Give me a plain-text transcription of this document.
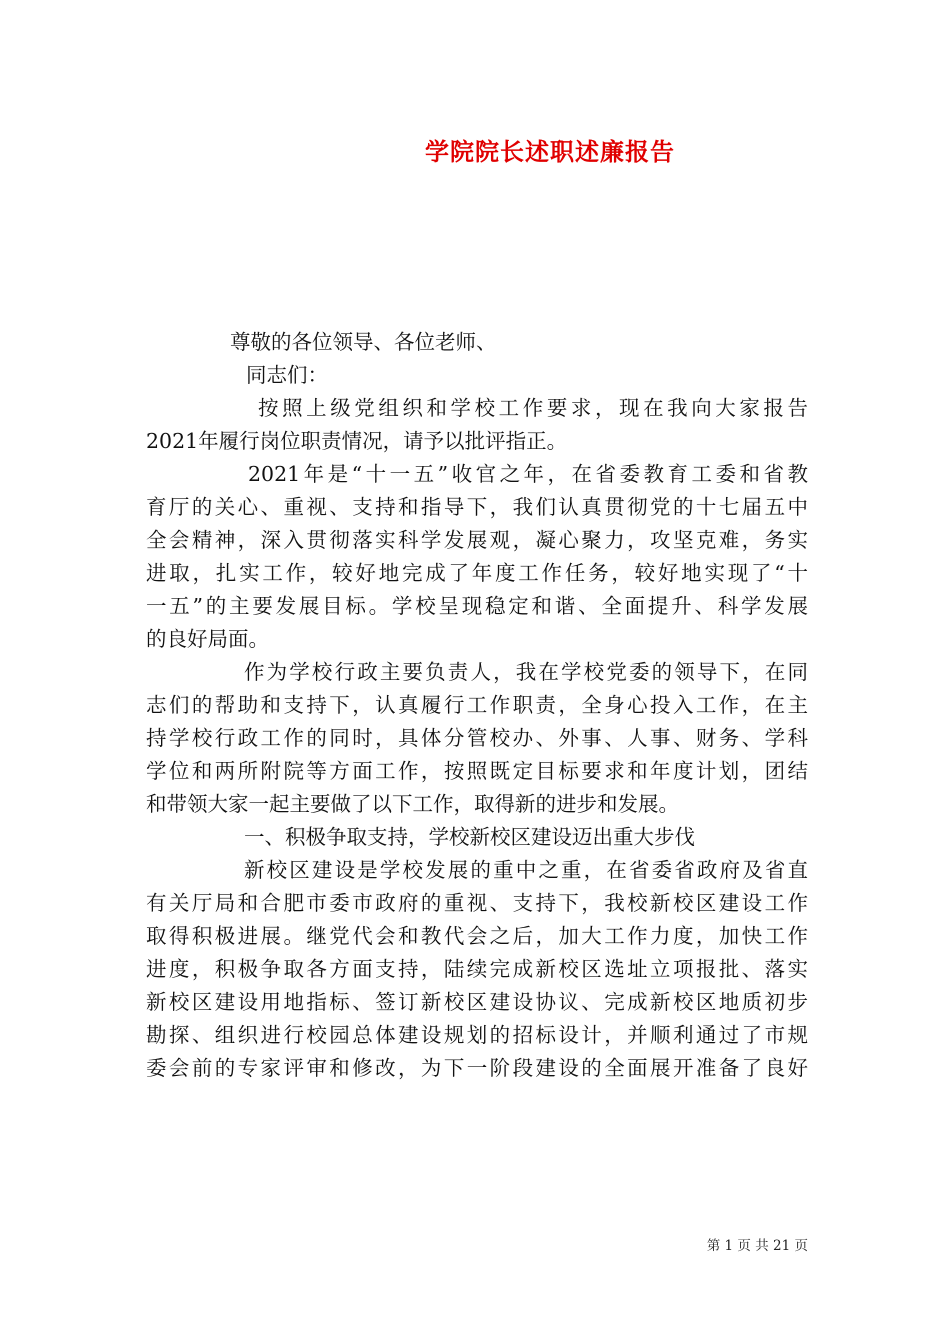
学院院长述职述廉报告
尊敬的各位领导、各位老师、
同志们：
按照上级党组织和学校工作要求，现在我向大家报告
2021年履行岗位职责情况，请予以批评指正。
2021年是“十一五”收官之年，在省委教育工委和省教
育厅的关心、重视、支持和指导下，我们认真贯彻党的十七届五中
全会精神，深入贯彻落实科学发展观，凝心聚力，攻坚克难，务实
进取，扎实工作，较好地完成了年度工作任务，较好地实现了“十
一五”的主要发展目标。学校呈现稳定和谐、全面提升、科学发展
的良好局面。
作为学校行政主要负责人，我在学校党委的领导下，在同
志们的帮助和支持下，认真履行工作职责，全身心投入工作，在主
持学校行政工作的同时，具体分管校办、外事、人事、财务、学科
学位和两所附院等方面工作，按照既定目标要求和年度计划，团结
和带领大家一起主要做了以下工作，取得新的进步和发展。
一、积极争取支持，学校新校区建设迈出重大步伐
新校区建设是学校发展的重中之重，在省委省政府及省直
有关厅局和合肥市委市政府的重视、支持下，我校新校区建设工作
取得积极进展。继党代会和教代会之后，加大工作力度，加快工作
进度，积极争取各方面支持，陆续完成新校区选址立项报批、落实
新校区建设用地指标、签订新校区建设协议、完成新校区地质初步
勘探、组织进行校园总体建设规划的招标设计，并顺利通过了市规
委会前的专家评审和修改，为下一阶段建设的全面展开准备了良好
第 1 页 共 21 页
